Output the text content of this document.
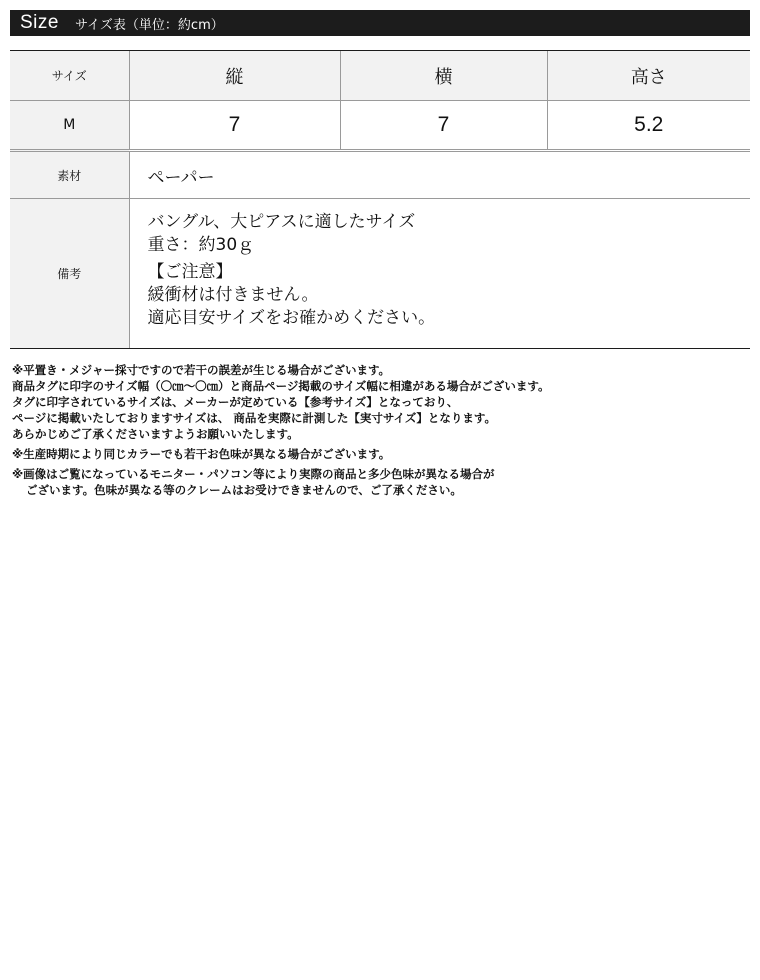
Size サイズ表（単位：約cm）
サイズ	縦	横	高さ
M	7	7	5.2
素材	ペーパー		
備考	バングル、大ピアスに適したサイズ
重さ：約30ｇ
【ご注意】
緩衝材は付きません。
適応目安サイズをお確かめください。		
※平置き・メジャー採寸ですので若干の誤差が生じる場合がございます。
商品タグに印字のサイズ幅（〇㎝〜〇㎝）と商品ページ掲載のサイズ幅に相違がある場合がございます。
タグに印字されているサイズは、メーカーが定めている【参考サイズ】となっており、
ページに掲載いたしておりますサイズは、 商品を実際に計測した【実寸サイズ】となります。
あらかじめご了承くださいますようお願いいたします。
※生産時期により同じカラーでも若干お色味が異なる場合がございます。
※画像はご覧になっているモニター・パソコン等により実際の商品と多少色味が異なる場合が
ございます。色味が異なる等のクレームはお受けできませんので、ご了承ください。
